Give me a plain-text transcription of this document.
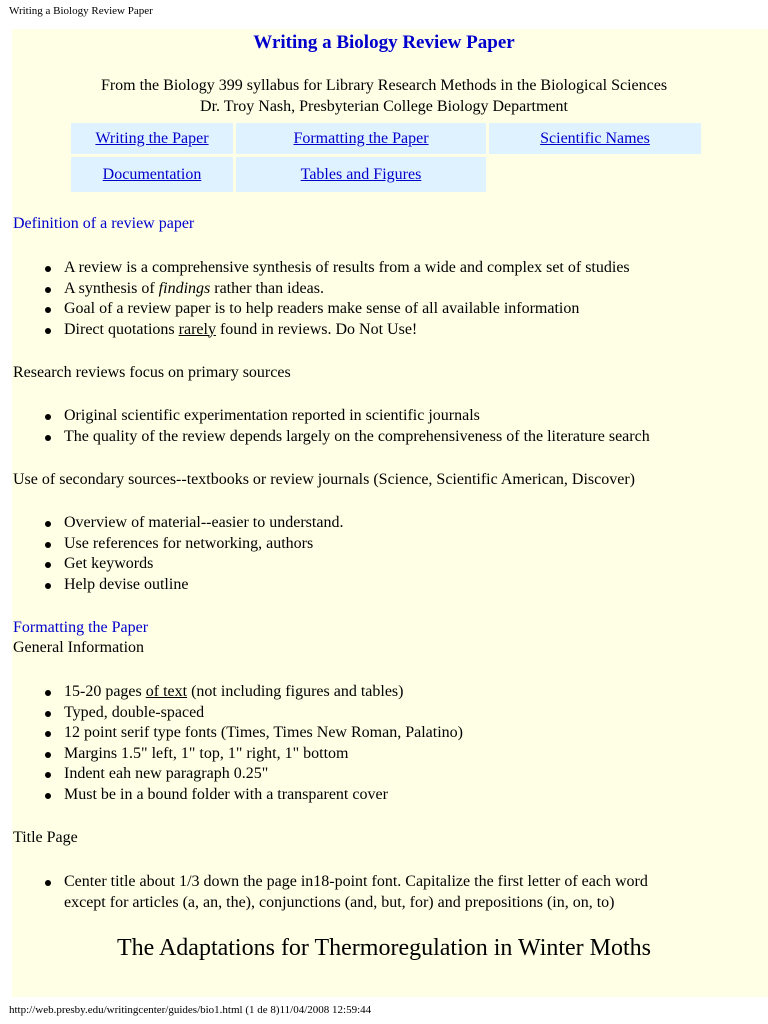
Writing a Biology Review Paper
Writing a Biology Review Paper
From the Biology 399 syllabus for Library Research Methods in the Biological Sciences
Dr. Troy Nash, Presbyterian College Biology Department
Writing the Paper	Formatting the Paper	Scientific Names
Documentation	Tables and Figures	
Definition of a review paper
A review is a comprehensive synthesis of results from a wide and complex set of studies
A synthesis of findings rather than ideas.
Goal of a review paper is to help readers make sense of all available information
Direct quotations rarely found in reviews. Do Not Use!
Research reviews focus on primary sources
Original scientific experimentation reported in scientific journals
The quality of the review depends largely on the comprehensiveness of the literature search
Use of secondary sources--textbooks or review journals (Science, Scientific American, Discover)
Overview of material--easier to understand.
Use references for networking, authors
Get keywords
Help devise outline
Formatting the Paper
General Information
15-20 pages of text (not including figures and tables)
Typed, double-spaced
12 point serif type fonts (Times, Times New Roman, Palatino)
Margins 1.5" left, 1" top, 1" right, 1" bottom
Indent eah new paragraph 0.25"
Must be in a bound folder with a transparent cover
Title Page
Center title about 1/3 down the page in18-point font. Capitalize the first letter of each word
except for articles (a, an, the), conjunctions (and, but, for) and prepositions (in, on, to)
The Adaptations for Thermoregulation in Winter Moths
http://web.presby.edu/writingcenter/guides/bio1.html (1 de 8)11/04/2008 12:59:44
